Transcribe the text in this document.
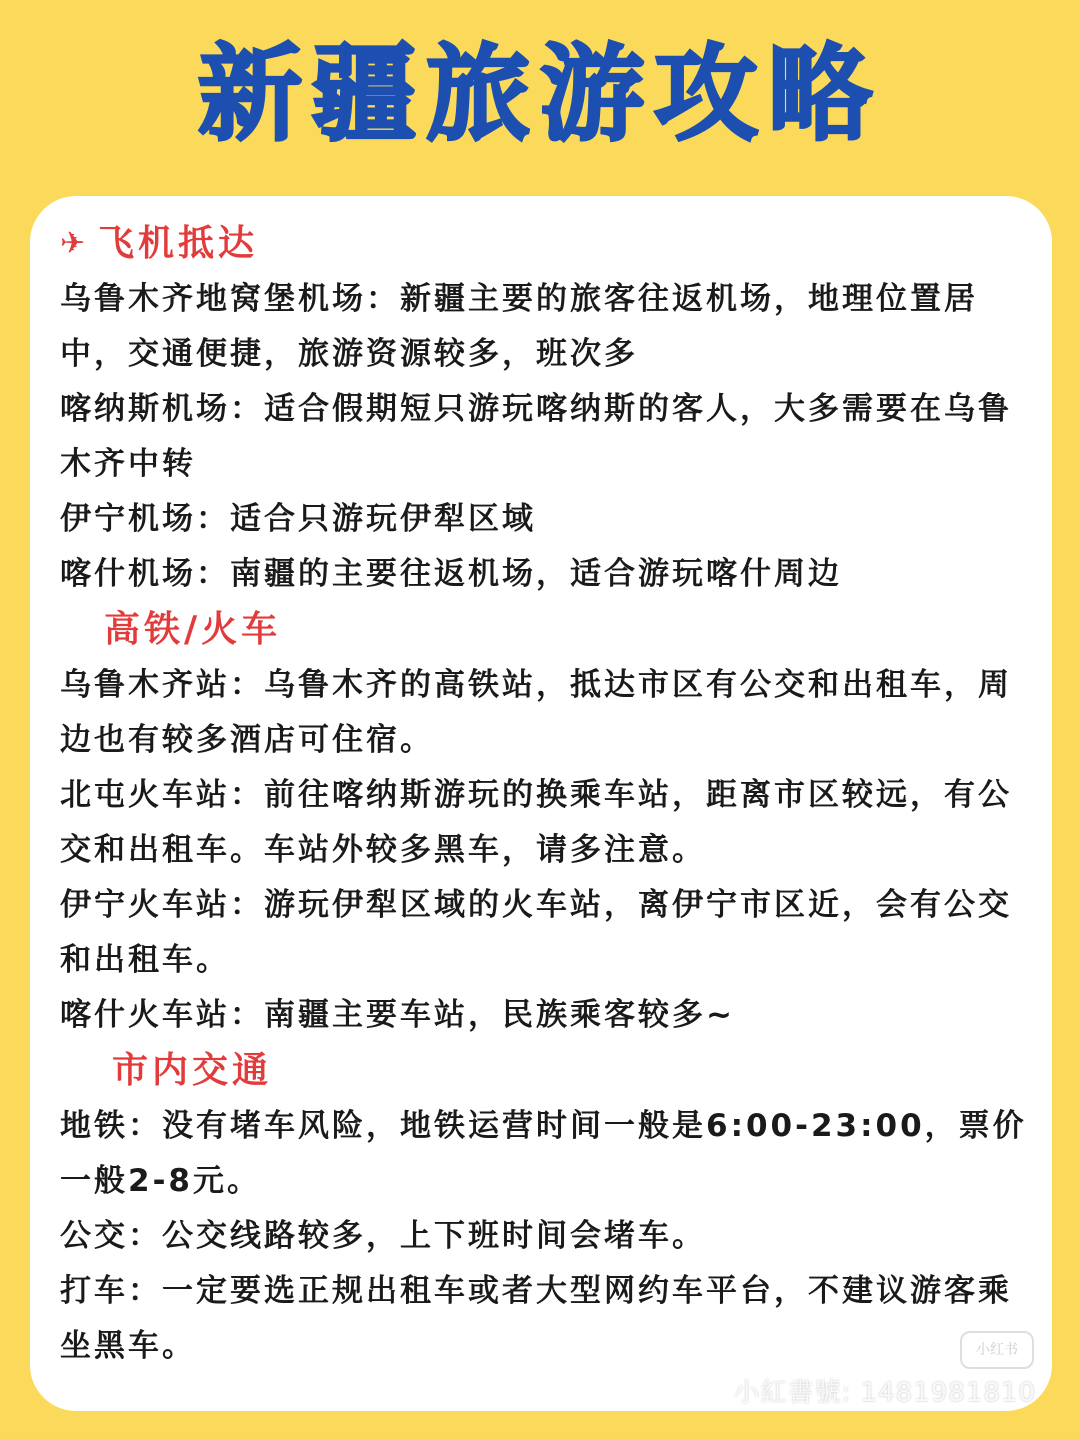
新疆旅游攻略

✈ 飞机抵达

乌鲁木齐地窝堡机场：新疆主要的旅客往返机场，地理位置居中，交通便捷，旅游资源较多，班次多

喀纳斯机场：适合假期短只游玩喀纳斯的客人，大多需要在乌鲁木齐中转

伊宁机场：适合只游玩伊犁区域

喀什机场：南疆的主要往返机场，适合游玩喀什周边

高铁/火车

乌鲁木齐站：乌鲁木齐的高铁站，抵达市区有公交和出租车，周边也有较多酒店可住宿。

北屯火车站：前往喀纳斯游玩的换乘车站，距离市区较远，有公交和出租车。车站外较多黑车，请多注意。

伊宁火车站：游玩伊犁区域的火车站，离伊宁市区近，会有公交和出租车。

喀什火车站：南疆主要车站，民族乘客较多~

市内交通

地铁：没有堵车风险，地铁运营时间一般是6:00-23:00，票价一般2-8元。

公交：公交线路较多，上下班时间会堵车。

打车：一定要选正规出租车或者大型网约车平台，不建议游客乘坐黑车。	小红书
小紅書號: 1481981810
